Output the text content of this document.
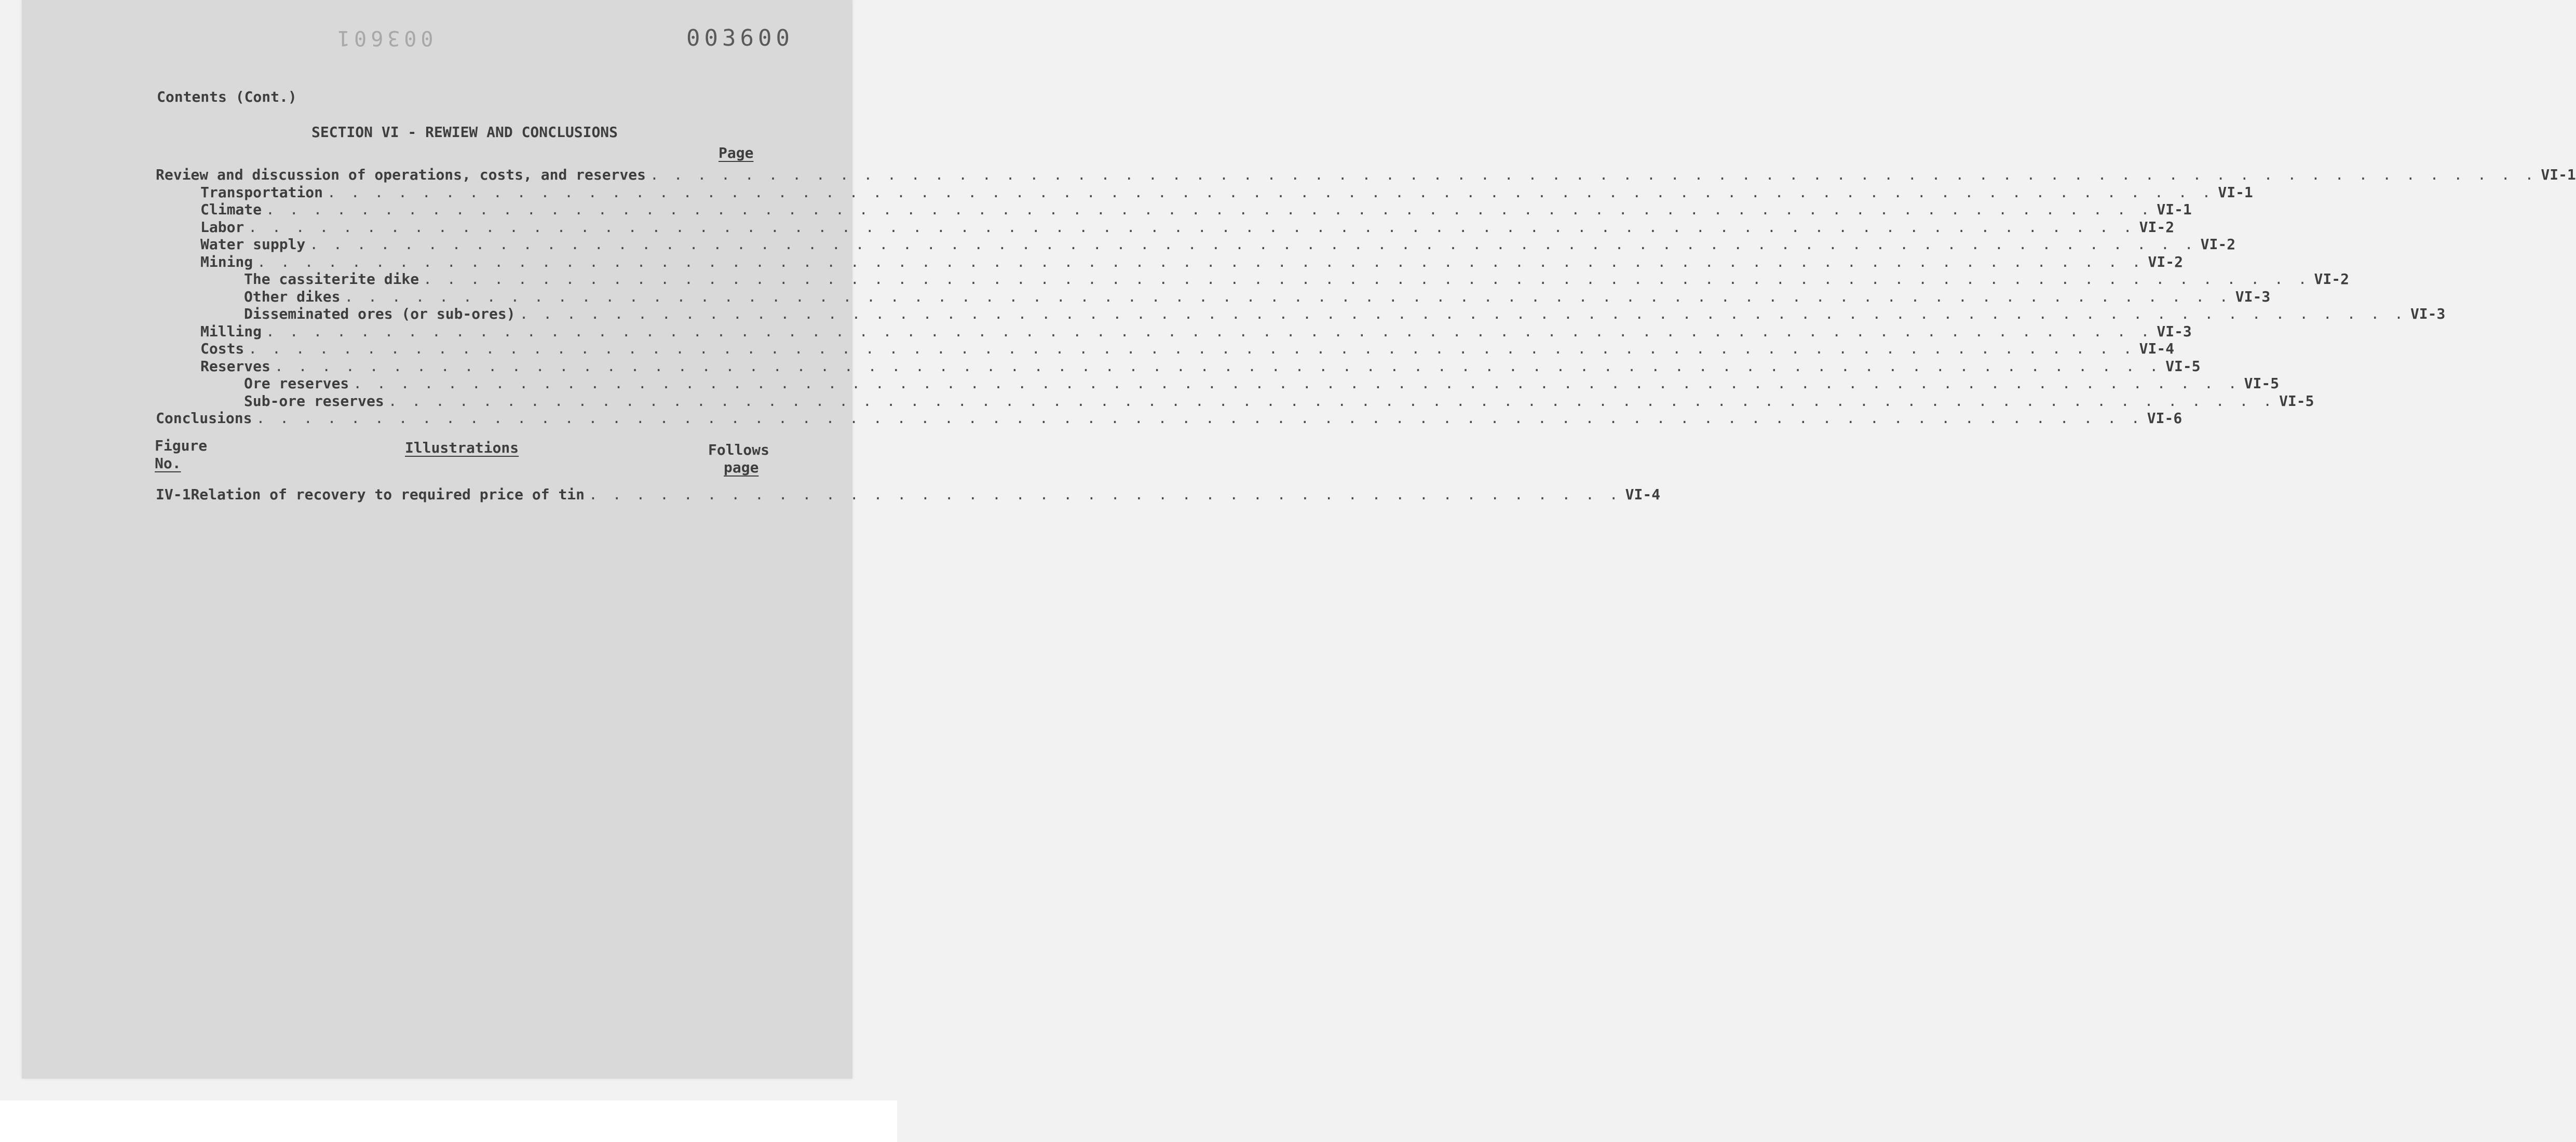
003601	003600
Contents (Cont.)
SECTION VI - REWIEW AND CONCLUSIONS
Page
Review and discussion of operations, costs, and reserves . . . . . . . . . . . . . . . . . . . . . . . . . . . . . . . . . . . . . . . . . . . . . . . . . . . . . . . . . . . . . . . . . . . . . . . . . . . . . . . . VI-1
Transportation . . . . . . . . . . . . . . . . . . . . . . . . . . . . . . . . . . . . . . . . . . . . . . . . . . . . . . . . . . . . . . . . . . . . . . . . . . . . . . . . VI-1
Climate . . . . . . . . . . . . . . . . . . . . . . . . . . . . . . . . . . . . . . . . . . . . . . . . . . . . . . . . . . . . . . . . . . . . . . . . . . . . . . . . VI-1
Labor . . . . . . . . . . . . . . . . . . . . . . . . . . . . . . . . . . . . . . . . . . . . . . . . . . . . . . . . . . . . . . . . . . . . . . . . . . . . . . . . VI-2
Water supply . . . . . . . . . . . . . . . . . . . . . . . . . . . . . . . . . . . . . . . . . . . . . . . . . . . . . . . . . . . . . . . . . . . . . . . . . . . . . . . . VI-2
Mining . . . . . . . . . . . . . . . . . . . . . . . . . . . . . . . . . . . . . . . . . . . . . . . . . . . . . . . . . . . . . . . . . . . . . . . . . . . . . . . . VI-2
The cassiterite dike . . . . . . . . . . . . . . . . . . . . . . . . . . . . . . . . . . . . . . . . . . . . . . . . . . . . . . . . . . . . . . . . . . . . . . . . . . . . . . . . VI-2
Other dikes . . . . . . . . . . . . . . . . . . . . . . . . . . . . . . . . . . . . . . . . . . . . . . . . . . . . . . . . . . . . . . . . . . . . . . . . . . . . . . . . VI-3
Disseminated ores (or sub-ores) . . . . . . . . . . . . . . . . . . . . . . . . . . . . . . . . . . . . . . . . . . . . . . . . . . . . . . . . . . . . . . . . . . . . . . . . . . . . . . . . VI-3
Milling . . . . . . . . . . . . . . . . . . . . . . . . . . . . . . . . . . . . . . . . . . . . . . . . . . . . . . . . . . . . . . . . . . . . . . . . . . . . . . . . VI-3
Costs . . . . . . . . . . . . . . . . . . . . . . . . . . . . . . . . . . . . . . . . . . . . . . . . . . . . . . . . . . . . . . . . . . . . . . . . . . . . . . . . VI-4
Reserves . . . . . . . . . . . . . . . . . . . . . . . . . . . . . . . . . . . . . . . . . . . . . . . . . . . . . . . . . . . . . . . . . . . . . . . . . . . . . . . . VI-5
Ore reserves . . . . . . . . . . . . . . . . . . . . . . . . . . . . . . . . . . . . . . . . . . . . . . . . . . . . . . . . . . . . . . . . . . . . . . . . . . . . . . . . VI-5
Sub-ore reserves . . . . . . . . . . . . . . . . . . . . . . . . . . . . . . . . . . . . . . . . . . . . . . . . . . . . . . . . . . . . . . . . . . . . . . . . . . . . . . . . VI-5
Conclusions . . . . . . . . . . . . . . . . . . . . . . . . . . . . . . . . . . . . . . . . . . . . . . . . . . . . . . . . . . . . . . . . . . . . . . . . . . . . . . . . VI-6
Figure
No.
Illustrations	Follows
page
IV-1 Relation of recovery to required price of tin . . . . . . . . . . . . . . . . . . . . . . . . . . . . . . . . . . . . . . . . . . . . VI-4
